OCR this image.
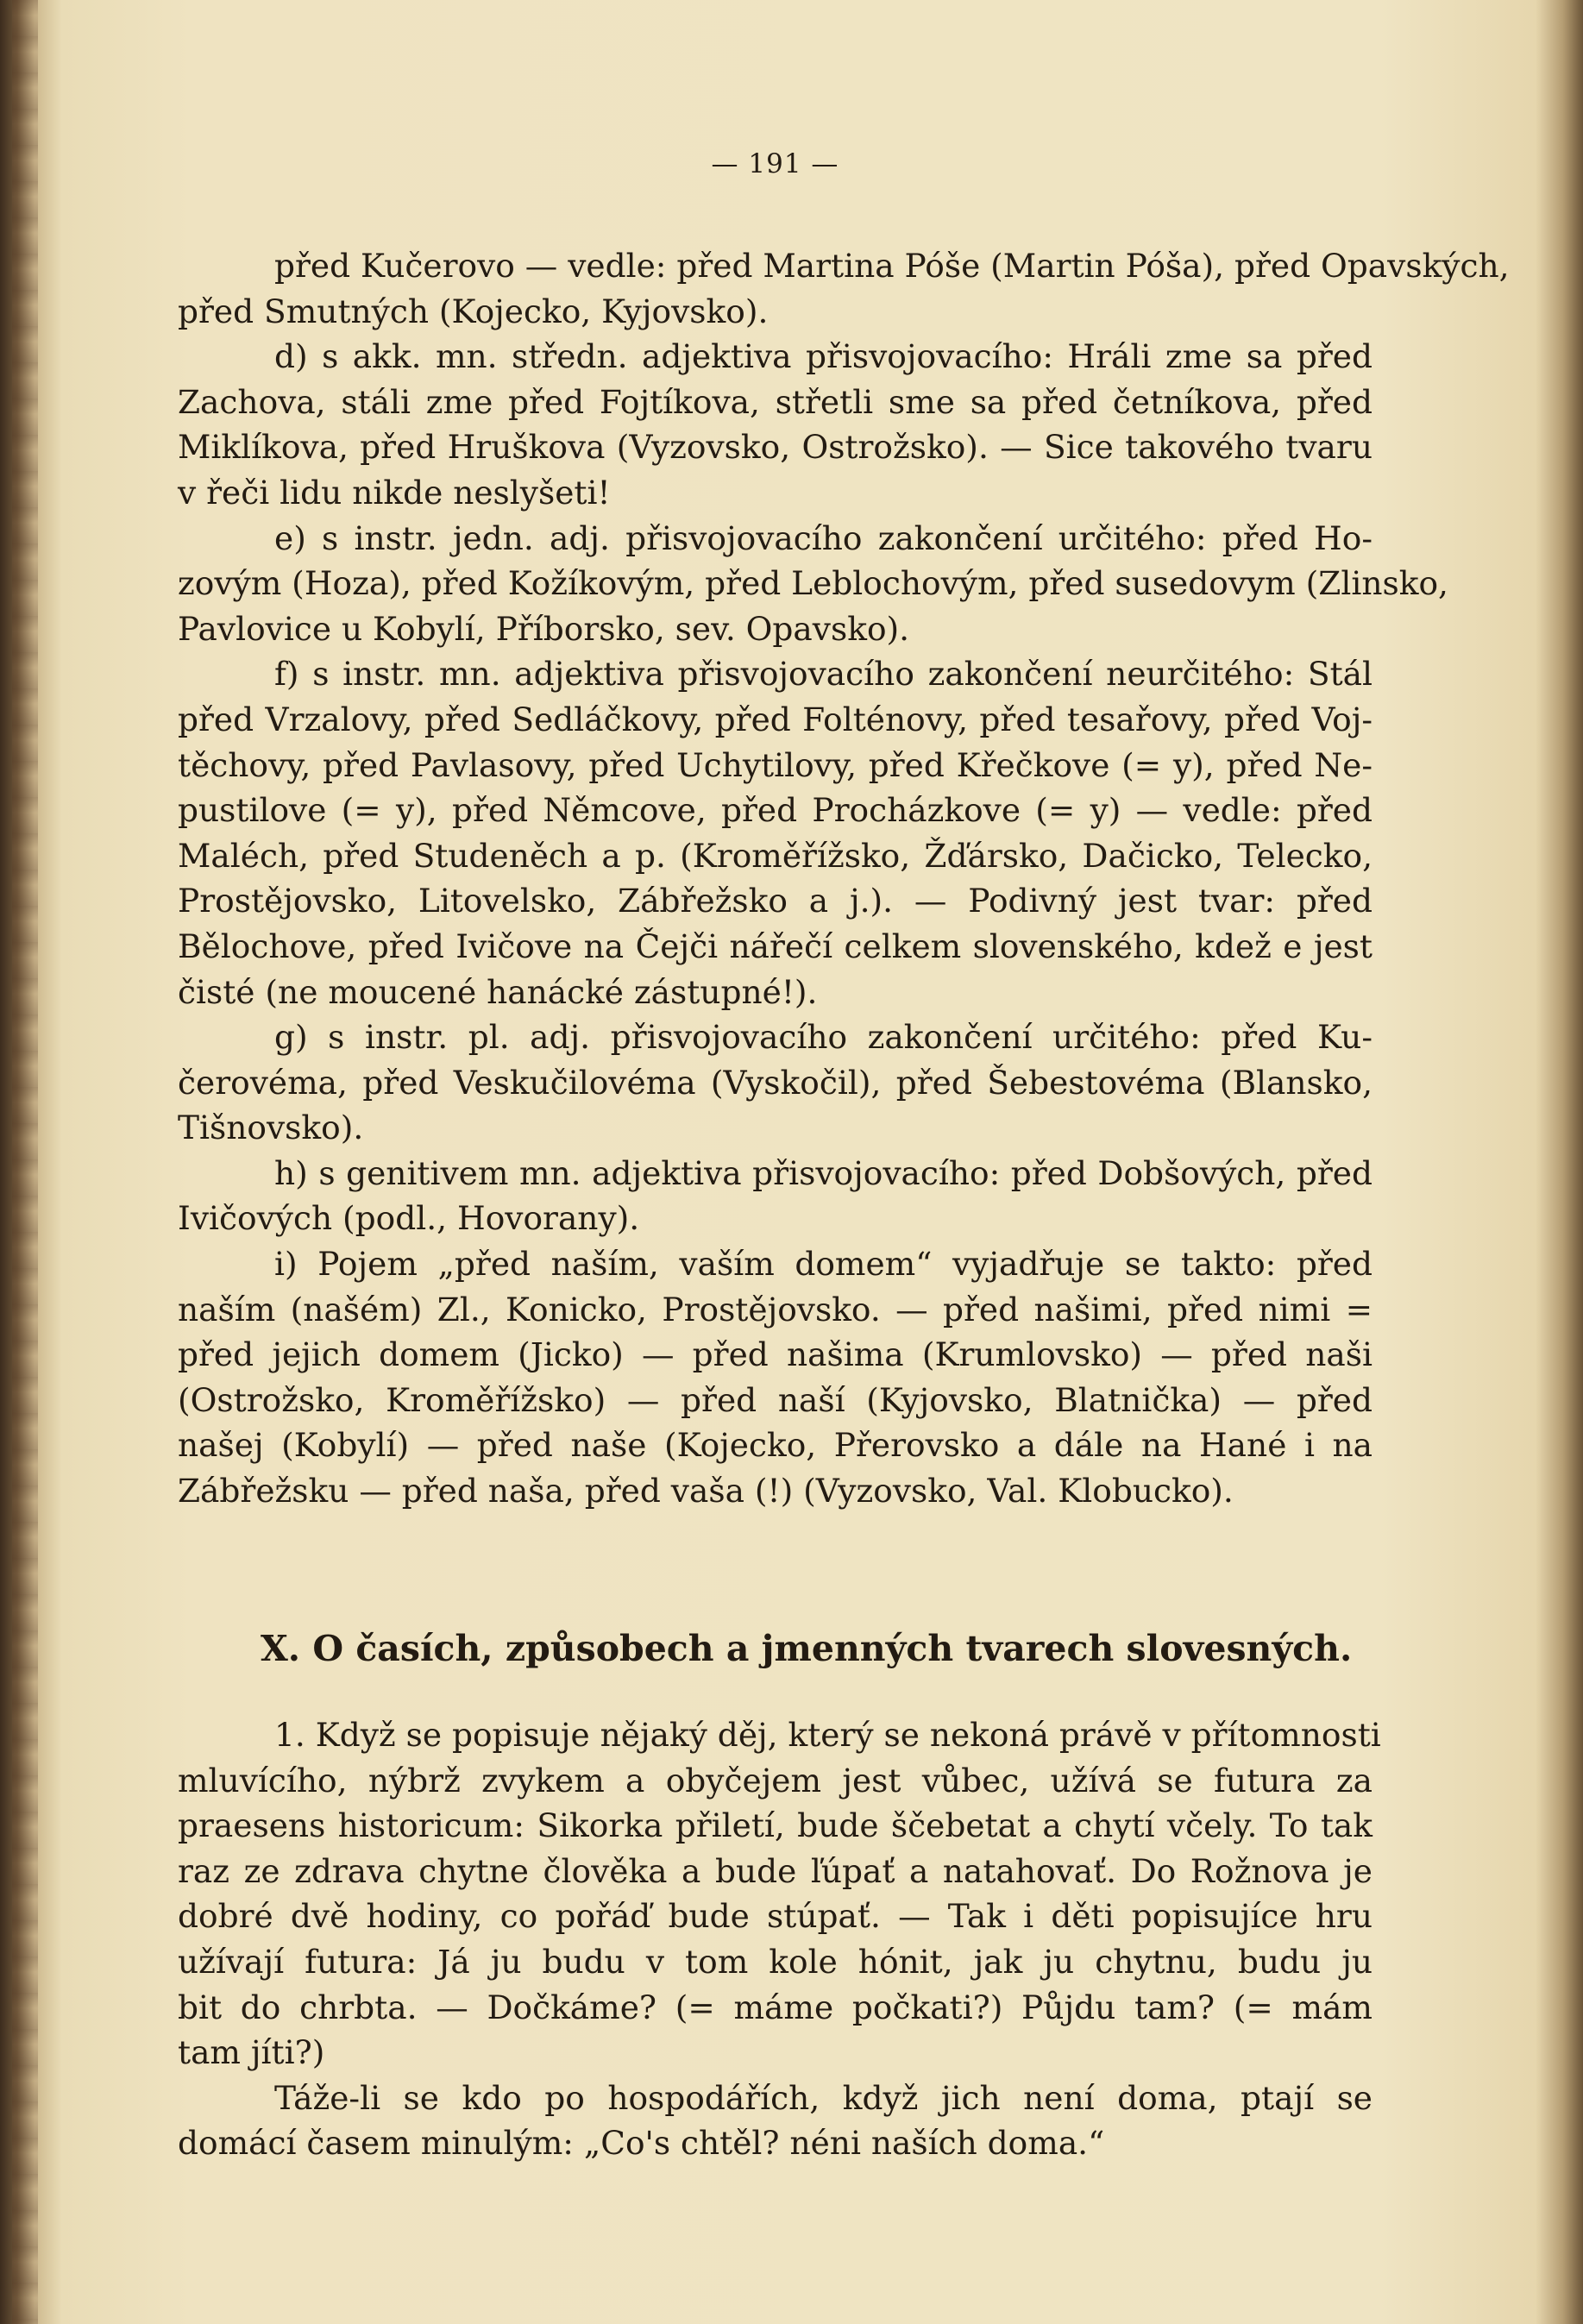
— 191 —
před Kučerovo — vedle: před Martina Póše (Martin Póša), před Opavských,
před Smutných (Kojecko, Kyjovsko).
d) s akk. mn. středn. adjektiva přisvojovacího: Hráli zme sa před
Zachova, stáli zme před Fojtíkova, střetli sme sa před četníkova, před
Miklíkova, před Hruškova (Vyzovsko, Ostrožsko). — Sice takového tvaru
v řeči lidu nikde neslyšeti!
e) s instr. jedn. adj. přisvojovacího zakončení určitého: před Ho-
zovým (Hoza), před Kožíkovým, před Leblochovým, před susedovym (Zlinsko,
Pavlovice u Kobylí, Příborsko, sev. Opavsko).
f) s instr. mn. adjektiva přisvojovacího zakončení neurčitého: Stál
před Vrzalovy, před Sedláčkovy, před Folténovy, před tesařovy, před Voj-
těchovy, před Pavlasovy, před Uchytilovy, před Křečkove (= y), před Ne-
pustilove (= y), před Němcove, před Procházkove (= y) — vedle: před
Maléch, před Studeněch a p. (Kroměřížsko, Žďársko, Dačicko, Telecko,
Prostějovsko, Litovelsko, Zábřežsko a j.). — Podivný jest tvar: před
Bělochove, před Ivičove na Čejči nářečí celkem slovenského, kdež e jest
čisté (ne moucené hanácké zástupné!).
g) s instr. pl. adj. přisvojovacího zakončení určitého: před Ku-
čerovéma, před Veskučilovéma (Vyskočil), před Šebestovéma (Blansko,
Tišnovsko).
h) s genitivem mn. adjektiva přisvojovacího: před Dobšových, před
Ivičových (podl., Hovorany).
i) Pojem „před naším, vaším domem“ vyjadřuje se takto: před
naším (našém) Zl., Konicko, Prostějovsko. — před našimi, před nimi =
před jejich domem (Jicko) — před našima (Krumlovsko) — před naši
(Ostrožsko, Kroměřížsko) — před naší (Kyjovsko, Blatnička) — před
našej (Kobylí) — před naše (Kojecko, Přerovsko a dále na Hané i na
Zábřežsku — před naša, před vaša (!) (Vyzovsko, Val. Klobucko).
X. O časích, způsobech a jmenných tvarech slovesných.
1. Když se popisuje nějaký děj, který se nekoná právě v přítomnosti
mluvícího, nýbrž zvykem a obyčejem jest vůbec, užívá se futura za
praesens historicum: Sikorka přiletí, bude ščebetat a chytí včely. To tak
raz ze zdrava chytne člověka a bude ľúpať a natahovať. Do Rožnova je
dobré dvě hodiny, co pořáď bude stúpať. — Tak i děti popisujíce hru
užívají futura: Já ju budu v tom kole hónit, jak ju chytnu, budu ju
bit do chrbta. — Dočkáme? (= máme počkati?) Půjdu tam? (= mám
tam jíti?)
Táže-li se kdo po hospodářích, když jich není doma, ptají se
domácí časem minulým: „Co's chtěl? néni naších doma.“
